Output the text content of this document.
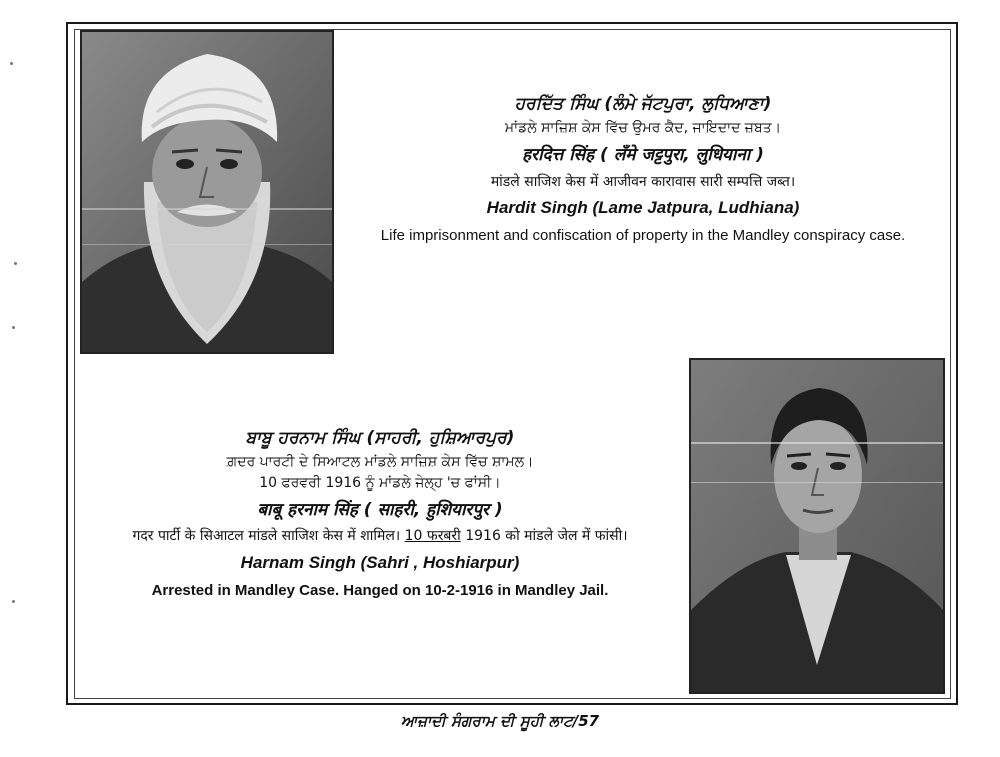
ਹਰਦਿੱਤ ਸਿੰਘ (ਲੰਮੇ ਜੱਟਪੁਰਾ, ਲੁਧਿਆਣਾ)
ਮਾਂਡਲੇ ਸਾਜ਼ਿਸ਼ ਕੇਸ ਵਿੱਚ ਉਮਰ ਕੈਦ, ਜਾਇਦਾਦ ਜ਼ਬਤ।
हरदित्त सिंह ( लँमे जट्टपुरा, लुधियाना )
मांडले साजिश केस में आजीवन कारावास सारी सम्पत्ति जब्त।
Hardit Singh (Lame Jatpura, Ludhiana)
Life imprisonment and confiscation of property in the Mandley conspiracy case.
ਬਾਬੂ ਹਰਨਾਮ ਸਿੰਘ (ਸਾਹਰੀ, ਹੁਸ਼ਿਆਰਪੁਰ)
ਗ਼ਦਰ ਪਾਰਟੀ ਦੇ ਸਿਆਟਲ ਮਾਂਡਲੇ ਸਾਜ਼ਿਸ਼ ਕੇਸ ਵਿੱਚ ਸ਼ਾਮਲ।
10 ਫਰਵਰੀ 1916 ਨੂੰ ਮਾਂਡਲੇ ਜੇਲ੍ਹ 'ਚ ਫਾਂਸੀ।
बाबू हरनाम सिंह ( साहरी, हुशियारपुर )
गदर पार्टी के सिआटल मांडले साजिश केस में शामिल। 10 फरबरी 1916 को मांडले जेल में फांसी।
Harnam Singh (Sahri , Hoshiarpur)
Arrested in Mandley Case. Hanged on 10-2-1916 in Mandley Jail.
ਆਜ਼ਾਦੀ ਸੰਗਰਾਮ ਦੀ ਸੂਹੀ ਲਾਟ/57
